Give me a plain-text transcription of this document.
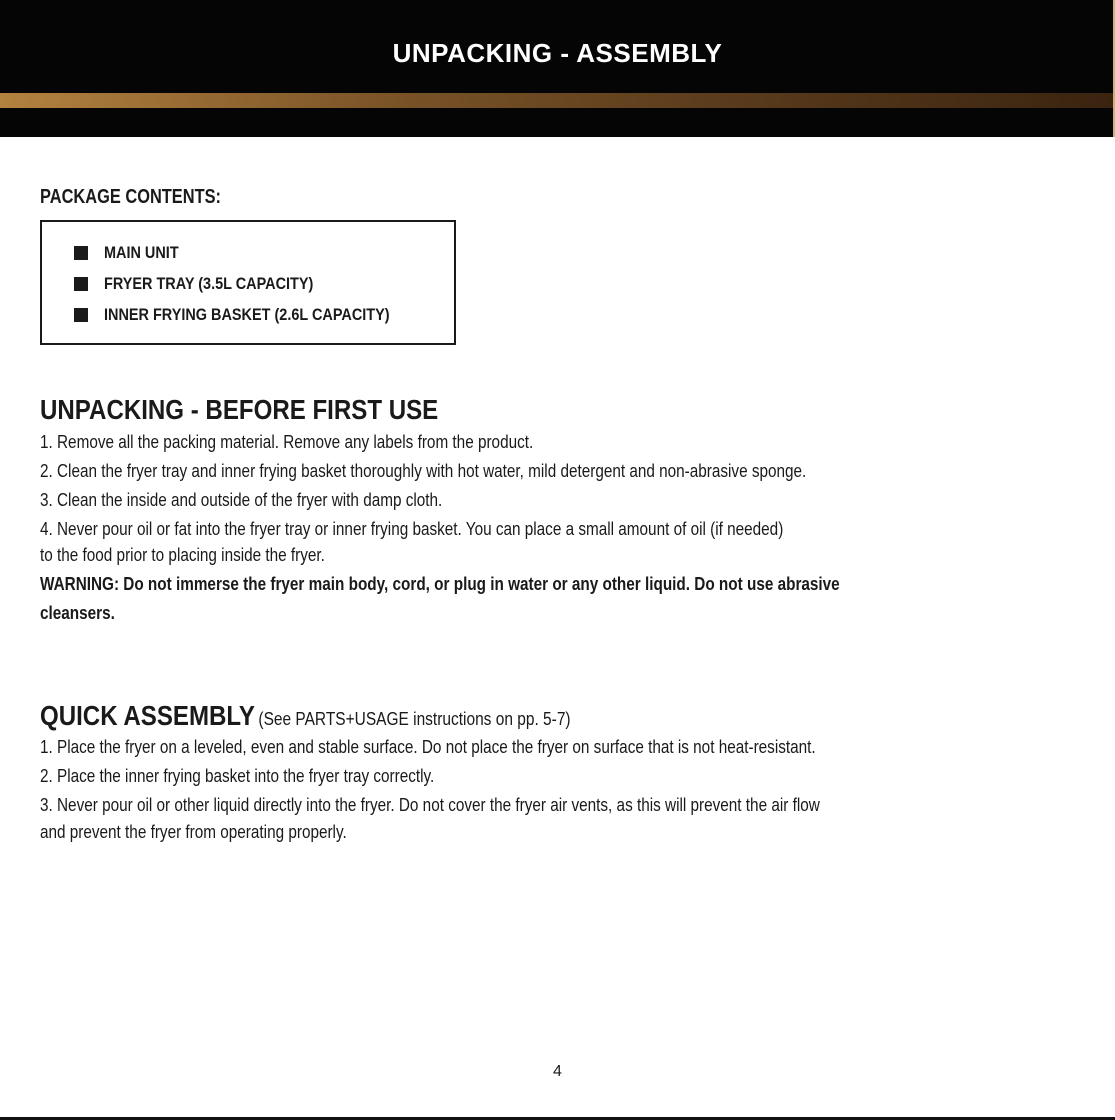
UNPACKING - ASSEMBLY
PACKAGE CONTENTS:
MAIN UNIT
FRYER TRAY (3.5L CAPACITY)
INNER FRYING BASKET (2.6L CAPACITY)
UNPACKING - BEFORE FIRST USE
1. Remove all the packing material. Remove any labels from the product.
2. Clean the fryer tray and inner frying basket thoroughly with hot water, mild detergent and non-abrasive sponge.
3. Clean the inside and outside of the fryer with damp cloth.
4. Never pour oil or fat into the fryer tray or inner frying basket. You can place a small amount of oil (if needed)
to the food prior to placing inside the fryer.
WARNING: Do not immerse the fryer main body, cord, or plug in water or any other liquid. Do not use abrasive
cleansers.
QUICK ASSEMBLY (See PARTS+USAGE instructions on pp. 5-7)
1. Place the fryer on a leveled, even and stable surface. Do not place the fryer on surface that is not heat-resistant.
2. Place the inner frying basket into the fryer tray correctly.
3. Never pour oil or other liquid directly into the fryer. Do not cover the fryer air vents, as this will prevent the air flow
and prevent the fryer from operating properly.
4
